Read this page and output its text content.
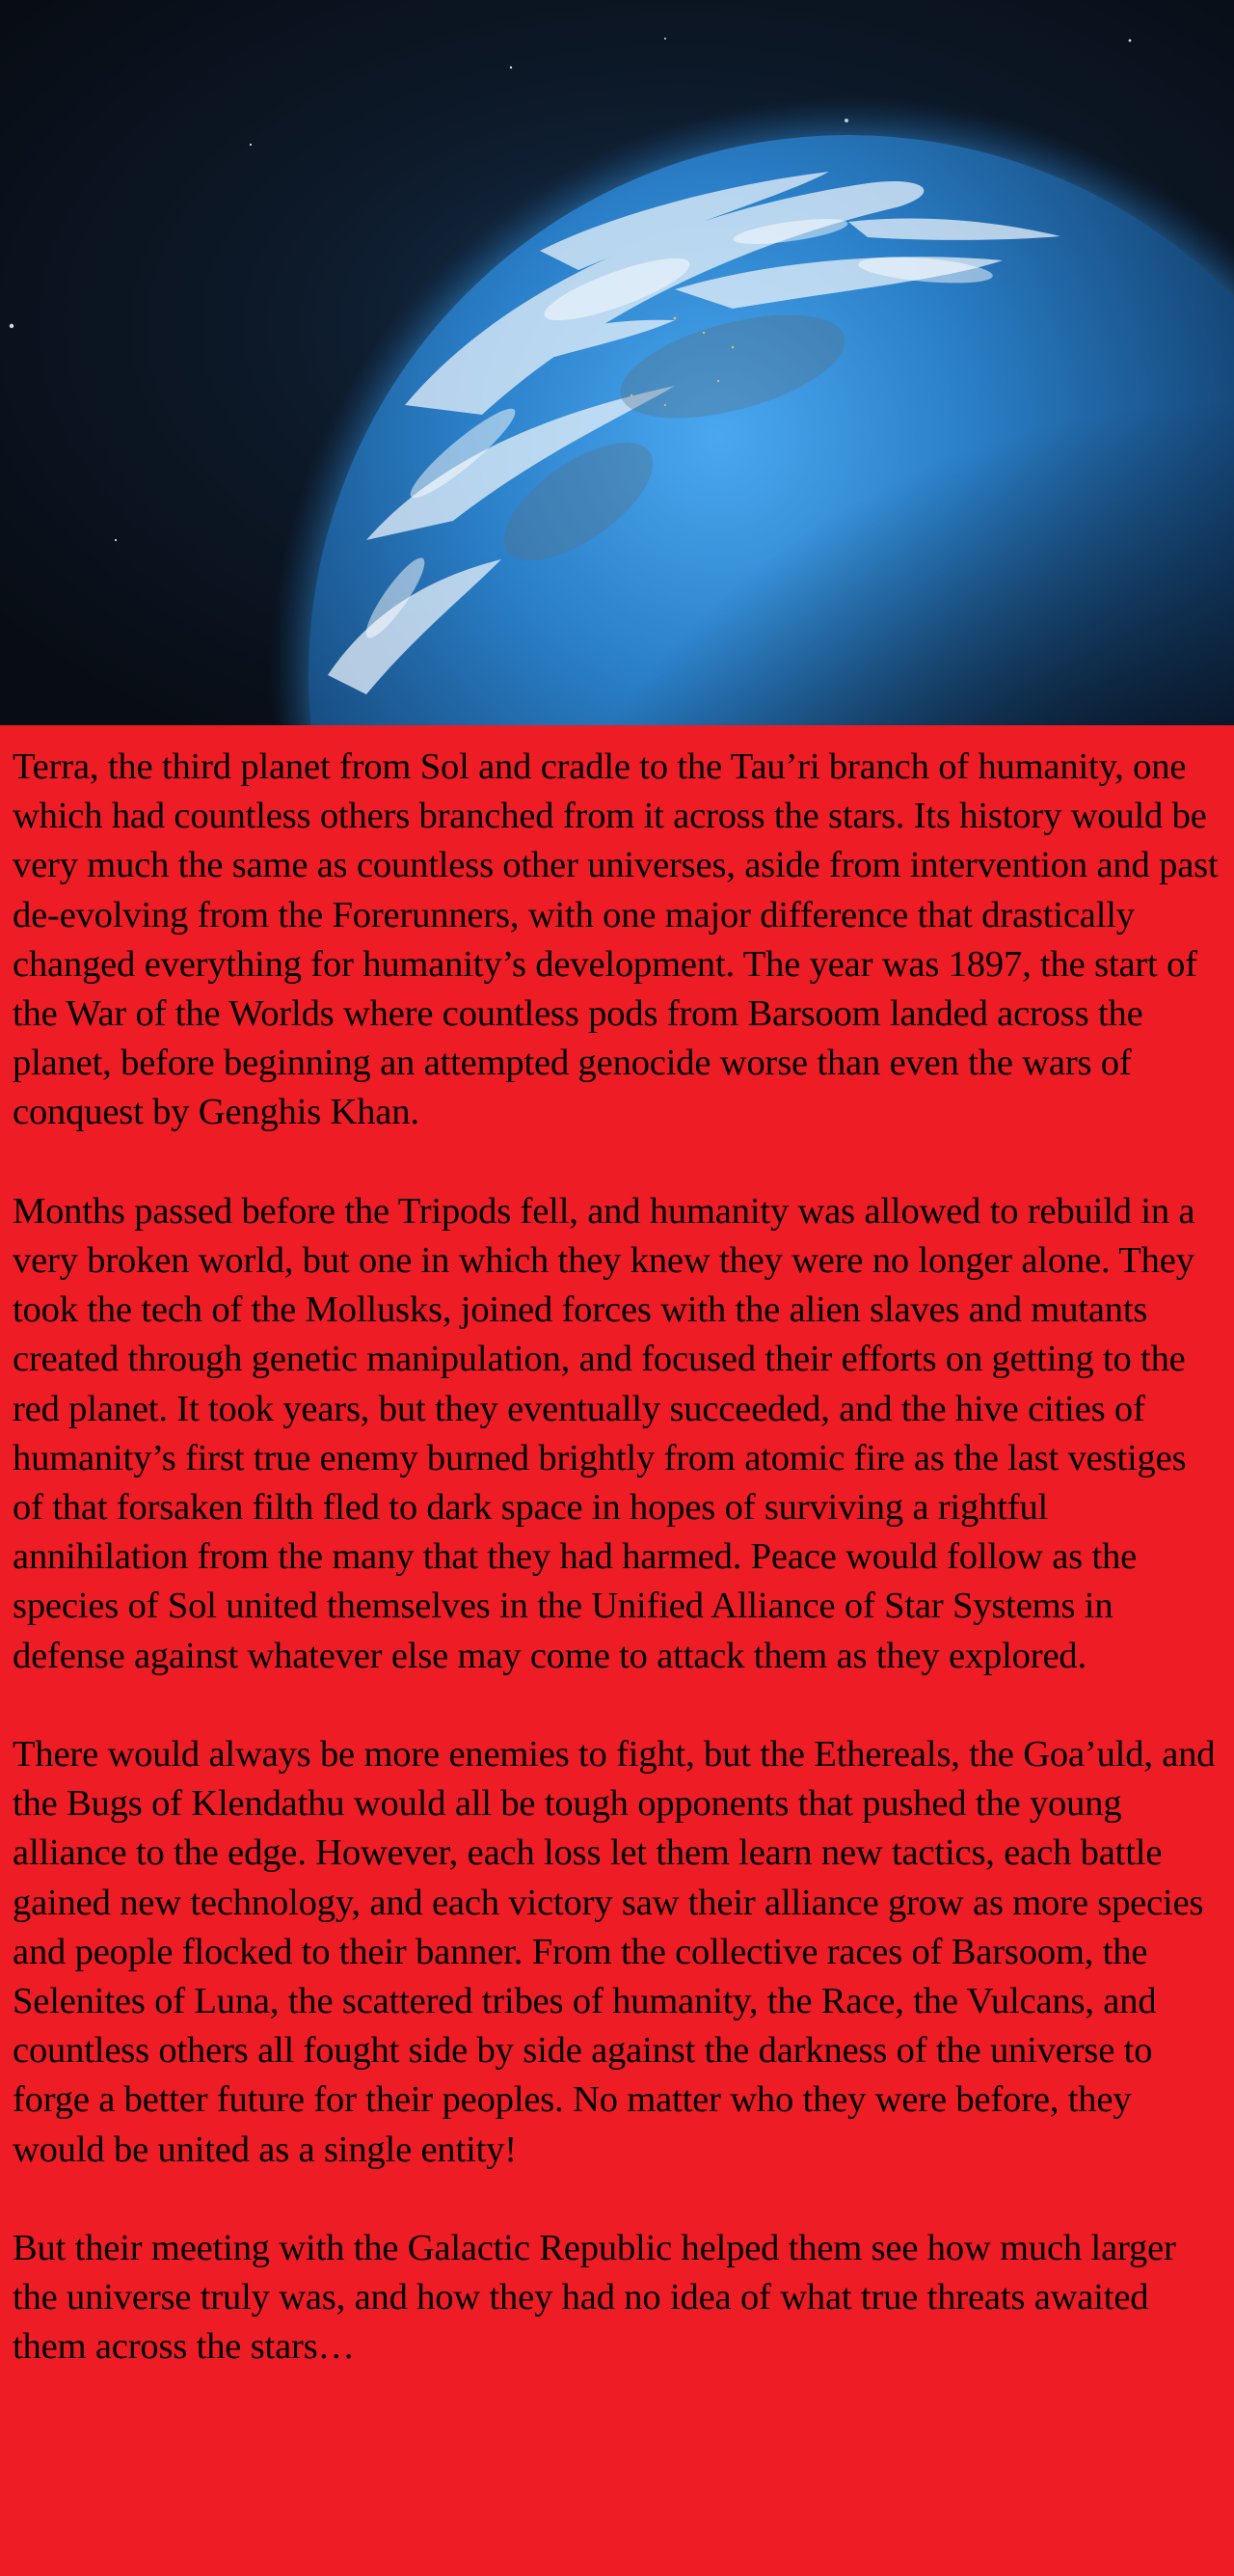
Terra, the third planet from Sol and cradle to the Tau’ri branch of humanity, one which had countless others branched from it across the stars. Its history would be very much the same as countless other universes, aside from intervention and past de-evolving from the Forerunners, with one major difference that drastically changed everything for humanity’s development. The year was 1897, the start of the War of the Worlds where countless pods from Barsoom landed across the planet, before beginning an attempted genocide worse than even the wars of conquest by Genghis Khan.

Months passed before the Tripods fell, and humanity was allowed to rebuild in a very broken world, but one in which they knew they were no longer alone. They took the tech of the Mollusks, joined forces with the alien slaves and mutants created through genetic manipulation, and focused their efforts on getting to the red planet. It took years, but they eventually succeeded, and the hive cities of humanity’s first true enemy burned brightly from atomic fire as the last vestiges of that forsaken filth fled to dark space in hopes of surviving a rightful annihilation from the many that they had harmed. Peace would follow as the species of Sol united themselves in the Unified Alliance of Star Systems in defense against whatever else may come to attack them as they explored.

There would always be more enemies to fight, but the Ethereals, the Goa’uld, and the Bugs of Klendathu would all be tough opponents that pushed the young alliance to the edge. However, each loss let them learn new tactics, each battle gained new technology, and each victory saw their alliance grow as more species and people flocked to their banner. From the collective races of Barsoom, the Selenites of Luna, the scattered tribes of humanity, the Race, the Vulcans, and countless others all fought side by side against the darkness of the universe to forge a better future for their peoples. No matter who they were before, they would be united as a single entity!

But their meeting with the Galactic Republic helped them see how much larger the universe truly was, and how they had no idea of what true threats awaited them across the stars…
